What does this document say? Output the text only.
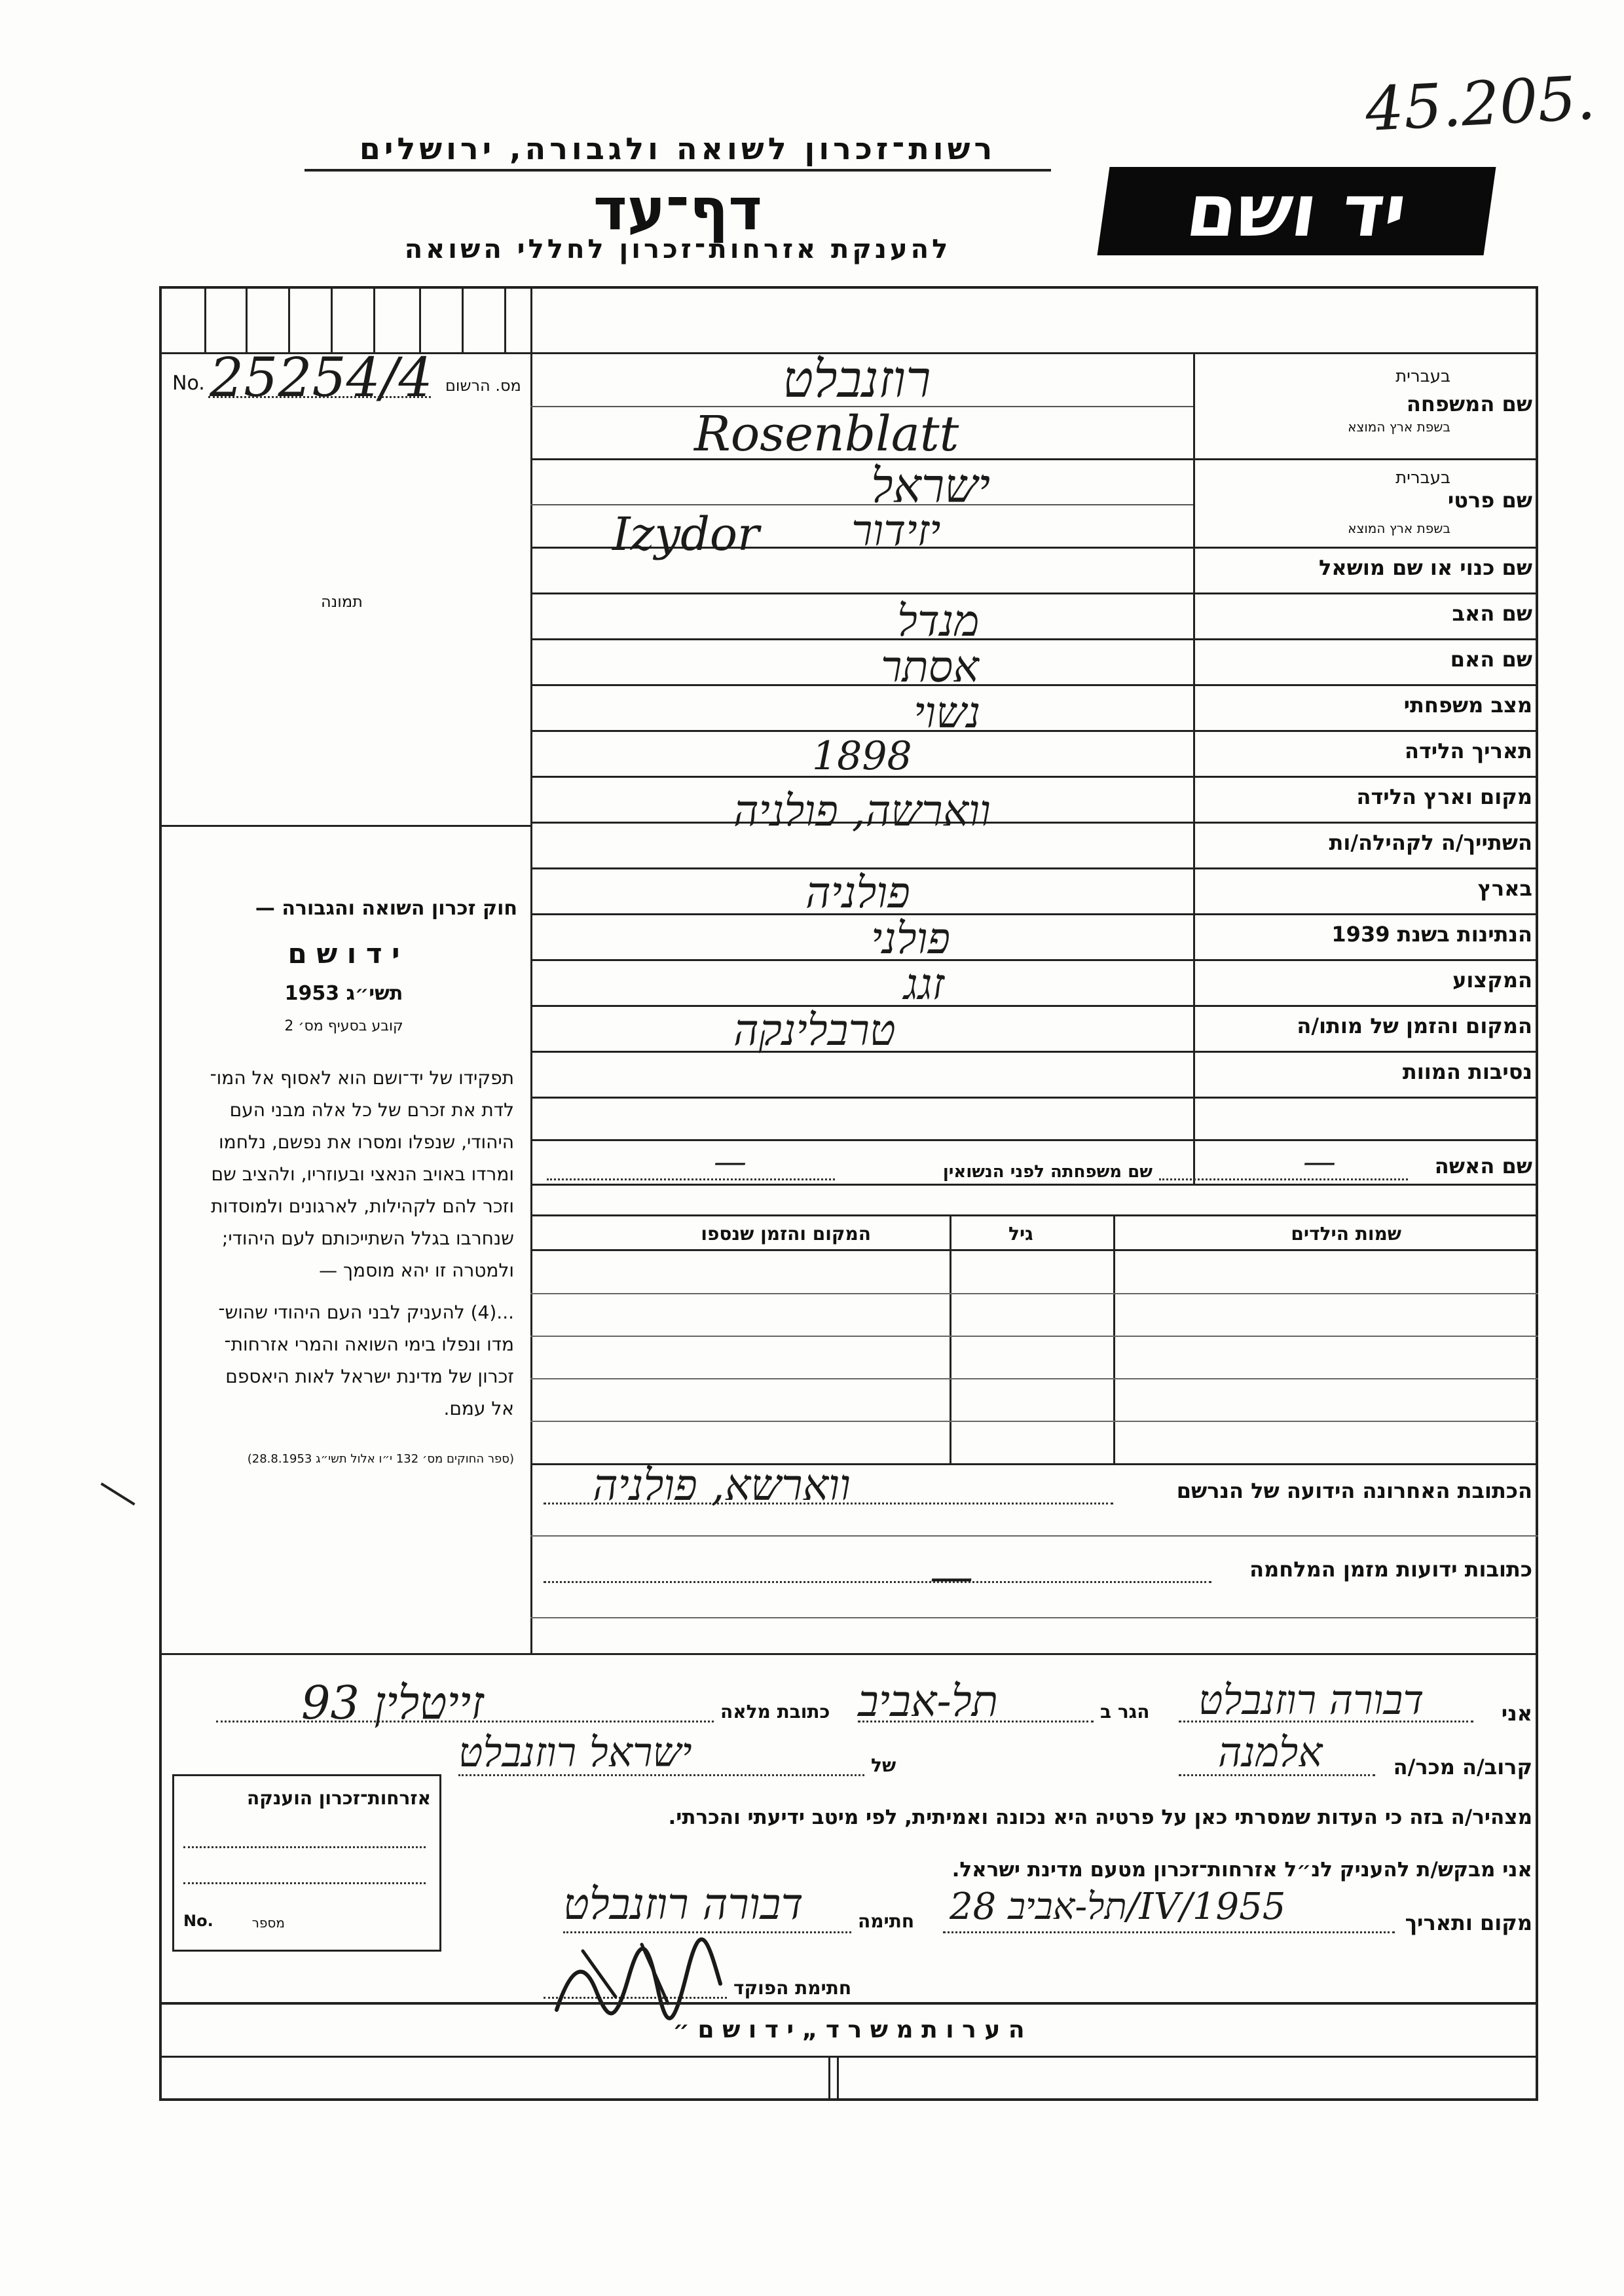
45.205.
רשות־זכרון לשואה ולגבורה, ירושלים
דף־עד
להענקת אזרחות־זכרון לחללי השואה	יד ושם
No. 25254/4 מס. הרשום
תמונה
חוק זכרון השואה והגבורה —
י ד ו ש ם
תשי״ג 1953
קובע בסעיף מס׳ 2
תפקידו של יד־ושם הוא לאסוף אל המו־
לדת את זכרם של כל אלה מבני העם
היהודי, שנפלו ומסרו את נפשם, נלחמו
ומרדו באויב הנאצי ובעוזריו, ולהציב שם
וזכר להם לקהילות, לארגונים ולמוסדות
שנחרבו בגלל השתייכותם לעם היהודי;
ולמטרה זו יהא מוסמך —
...(4) להעניק לבני העם היהודי שהוש־
מדו ונפלו בימי השואה והמרי אזרחות־
זכרון של מדינת ישראל לאות היאספם
אל עמם.
(ספר החוקים מס׳ 132 י״ו אלול תשי״ג 28.8.1953)
בעברית
בשפת ארץ המוצא
שם המשפחה
רוזנבלט
Rosenblatt
בעברית
בשפת ארץ המוצא
שם פרטי
ישראל
Izydor יזידור
שם כנוי או שם מושאל
שם האב
מנדל
שם האם
אסתר
מצב משפחתי
נשוי
תאריך הלידה
1898
מקום וארץ הלידה
ווארשה, פולניה
השתייך/ה לקהילה/ות
בארץ
פולניה
הנתינות בשנת 1939
פולני
המקצוע
זגג
המקום והזמן של מותו/ה
טרבלינקה
נסיבות המוות
שם האשה
—
שם משפחתה לפני הנשואין
—
שמות הילדים
גיל
המקום והזמן שנספו
הכתובת האחרונה הידועה של הנרשם
ווארשא, פולניה
כתובות ידועות מזמן המלחמה
—
אני
דבורה רוזנבלט
הגר ב
תל-אביב
כתובת מלאה
זייטלין 93
קרוב/ה מכר/ה
אלמנה
של
ישראל רוזנבלט
מצהיר/ה בזה כי העדות שמסרתי כאן על פרטיה היא נכונה ואמיתית, לפי מיטב ידיעתי והכרתי.
אני מבקש/ת להעניק לנ״ל אזרחות־זכרון מטעם מדינת ישראל.
מקום ותאריך
תל-אביב 28/IV/1955
חתימה
דבורה רוזנבלט
חתימת הפוקד
אזרחות־זכרון הוענקה
No.	מספר
ה ע ר ו ת מ ש ר ד „ י ד ו ש ם ״
